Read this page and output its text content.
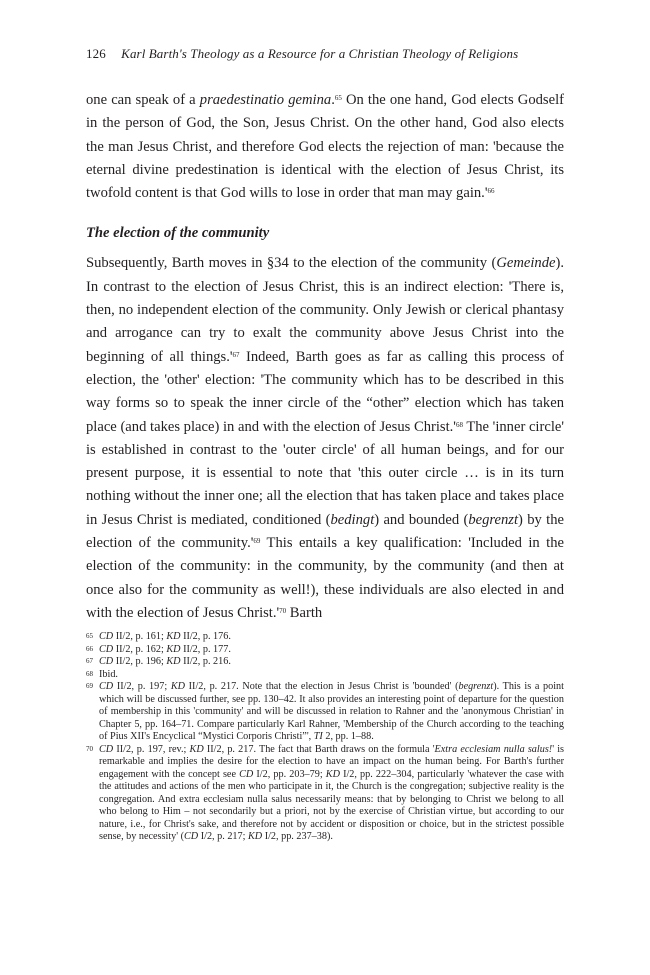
126 Karl Barth's Theology as a Resource for a Christian Theology of Religions

one can speak of a praedestinatio gemina.$^{65}$ On the one hand, God elects Godself in the person of God, the Son, Jesus Christ. On the other hand, God also elects the man Jesus Christ, and therefore God elects the rejection of man: 'because the eternal divine predestination is identical with the election of Jesus Christ, its twofold content is that God wills to lose in order that man may $gain.'^{66}$

The election of the community

Subsequently, Barth moves in §34 to the election of the community (Gemeinde). In contrast to the election of Jesus Christ, this is an indirect election: 'There is, then, no independent election of the community. Only Jewish or clerical phantasy and arrogance can try to exalt the community above Jesus Christ into the beginning of all $things.'^{67}$ Indeed, Barth goes as far as calling this process of election, the 'other' election: 'The community which has to be described in this way forms so to speak the inner circle of the “other” election which has taken place (and takes place) in and with the election of Jesus $Christ.'^{68}$ The 'inner circle' is established in contrast to the 'outer circle' of all human beings, and for our present purpose, it is essential to note that 'this outer circle … is in its turn nothing without the inner one; all the election that has taken place and takes place in Jesus Christ is mediated, conditioned (bedingt) and bounded (begrenzt) by the election of the $community.'^{69}$ This entails a key qualification: 'Included in the election of the community: in the community, by the community (and then at once also for the community as well!), these individuals are also elected in and with the election of Jesus $Christ.'^{70}$ Barth

65 CD II/2, p. 161; KD II/2, p. 176.
66 CD II/2, p. 162; KD II/2, p. 177.
67 CD II/2, p. 196; KD II/2, p. 216.
68 Ibid.
69 CD II/2, p. 197; KD II/2, p. 217. Note that the election in Jesus Christ is 'bounded' (begrenzt). This is a point which will be discussed further, see pp. 130–42. It also provides an interesting point of departure for the question of membership in this 'community' and will be discussed in relation to Rahner and the 'anonymous Christian' in Chapter 5, pp. 164–71. Compare particularly Karl Rahner, 'Membership of the Church according to the teaching of Pius XII's Encyclical “Mystici Corporis Christi”', TI 2, pp. 1–88.
70 CD II/2, p. 197, rev.; KD II/2, p. 217. The fact that Barth draws on the formula 'Extra ecclesiam nulla salus!' is remarkable and implies the desire for the election to have an impact on the human being. For Barth's further engagement with the concept see CD I/2, pp. 203–79; KD I/2, pp. 222–304, particularly 'whatever the case with the attitudes and actions of the men who participate in it, the Church is the congregation; subjective reality is the congregation. And extra ecclesiam nulla salus necessarily means: that by belonging to Christ we belong to all who belong to Him – not secondarily but a priori, not by the exercise of Christian virtue, but according to our nature, i.e., for Christ's sake, and therefore not by accident or disposition or choice, but in the strictest possible sense, by necessity' (CD I/2, p. 217; KD I/2, pp. 237–38).
